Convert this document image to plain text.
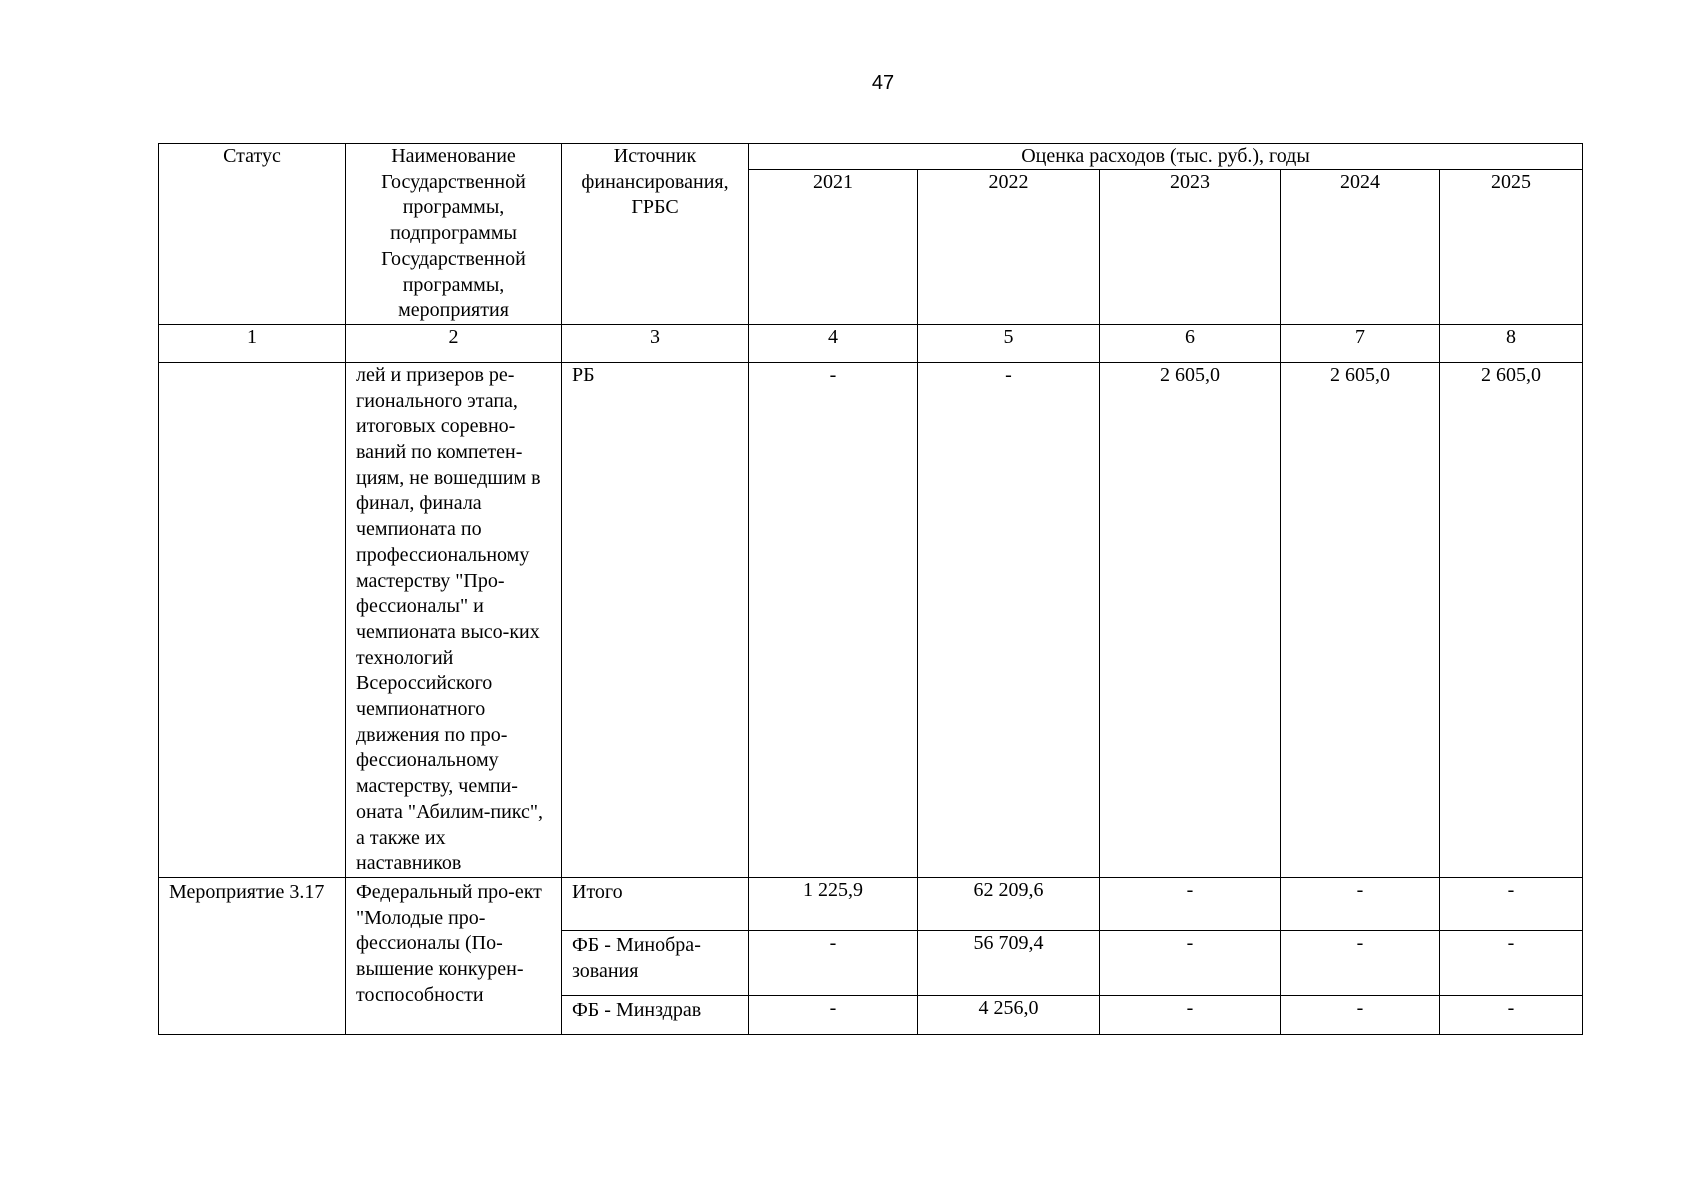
47
Статус	Наименование Государственной программы, подпрограммы Государственной программы, мероприятия	Источник финансирования, ГРБС	Оценка расходов (тыс. руб.), годы				
			2021	2022	2023	2024	2025
1	2	3	4	5	6	7	8
	лей и призеров ре-гионального этапа, итоговых соревно-ваний по компетен-циям, не вошедшим в финал, финала чемпионата по профессиональному мастерству "Про-фессионалы" и чемпионата высо-ких технологий Всероссийского чемпионатного движения по про-фессиональному мастерству, чемпи-оната "Абилим-пикс", а также их наставников	РБ	-	-	2 605,0	2 605,0	2 605,0
Мероприятие 3.17	Федеральный про-ект "Молодые про-фессионалы (По-вышение конкурен-тоспособности	Итого	1 225,9	62 209,6	-	-	-
		ФБ - Минобра-зования	-	56 709,4	-	-	-
		ФБ - Минздрав	-	4 256,0	-	-	-
